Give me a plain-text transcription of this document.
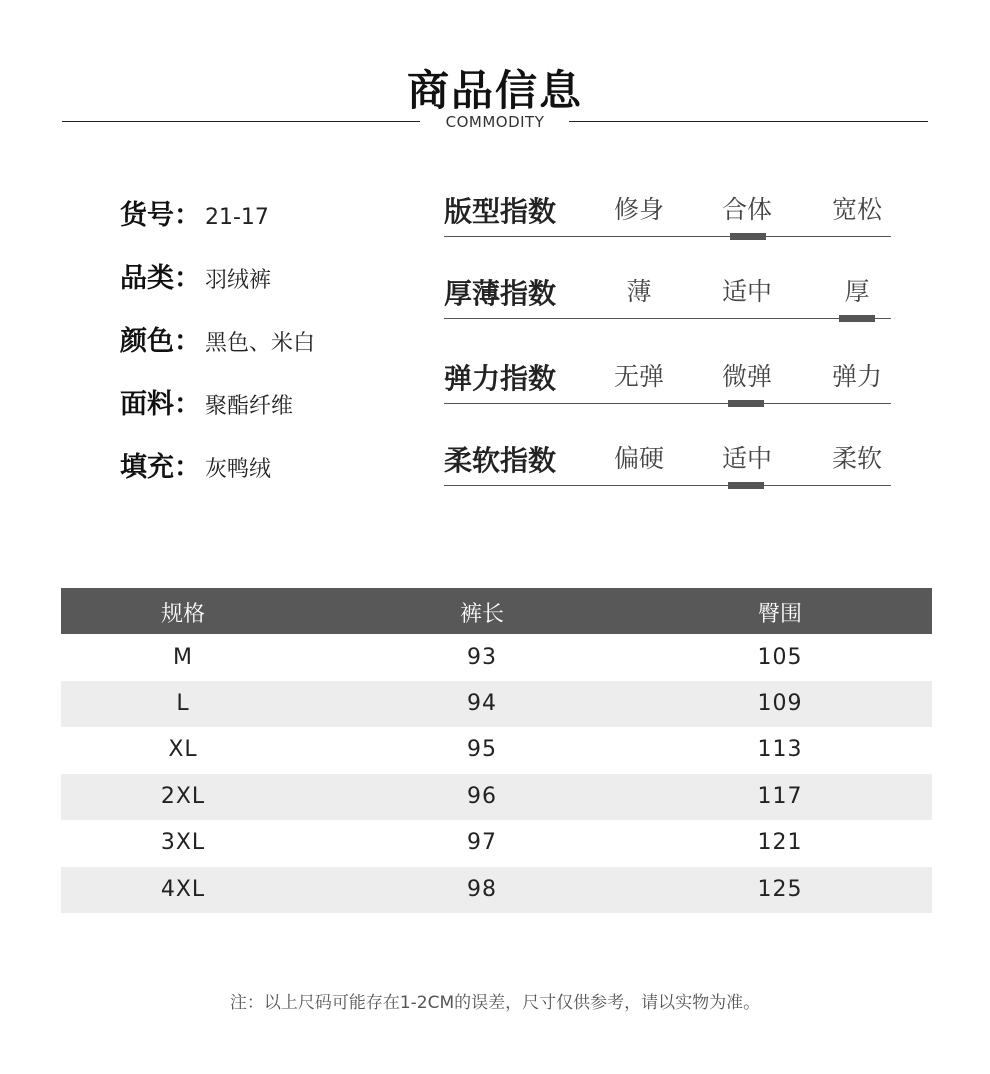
商品信息
COMMODITY
货号： 21-17
品类： 羽绒裤
颜色： 黑色、米白
面料： 聚酯纤维
填充： 灰鸭绒
版型指数	修身	合体	宽松
厚薄指数	薄	适中	厚
弹力指数	无弹	微弹	弹力
柔软指数	偏硬	适中	柔软
规格	裤长	臀围
M	93	105
L	94	109
XL	95	113
2XL	96	117
3XL	97	121
4XL	98	125
注：以上尺码可能存在1-2CM的误差，尺寸仅供参考，请以实物为准。
